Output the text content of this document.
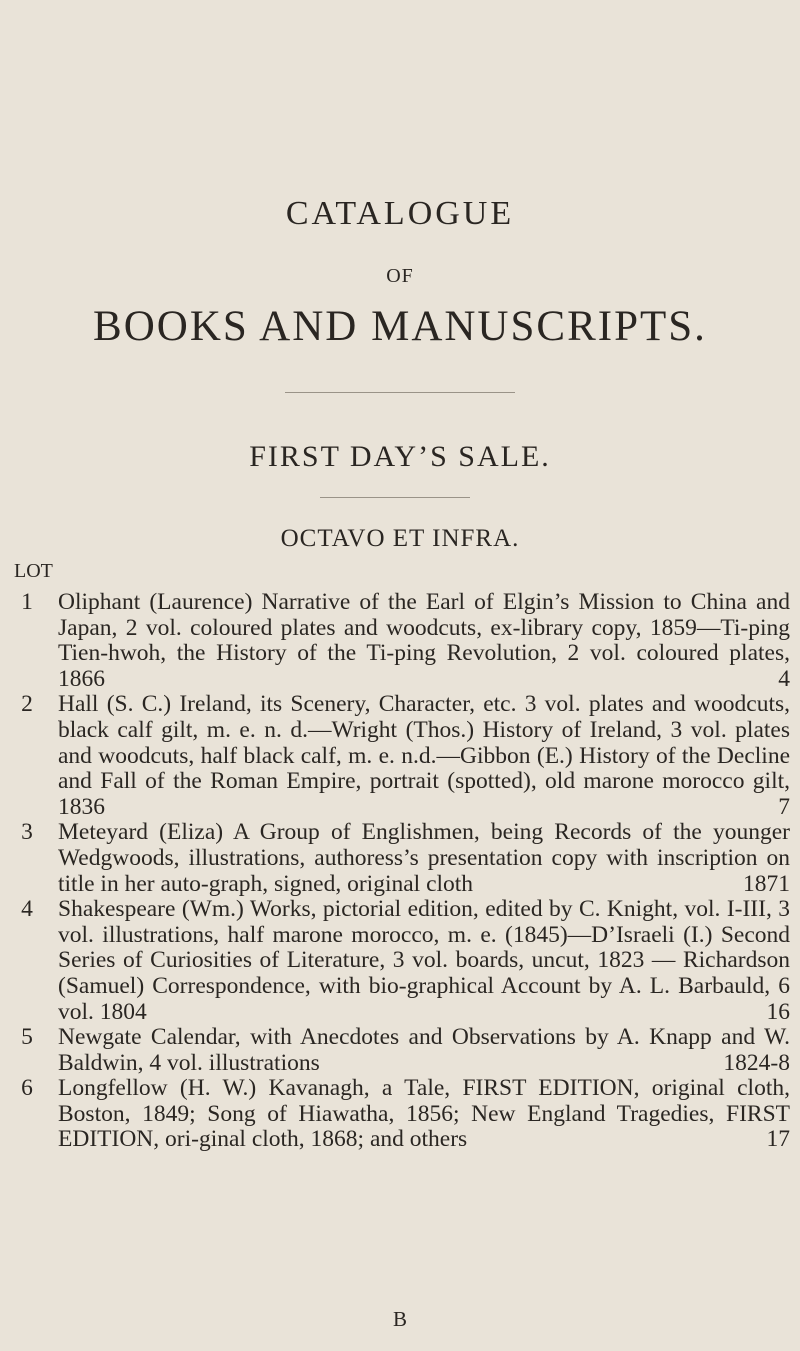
CATALOGUE
OF
BOOKS AND MANUSCRIPTS.
FIRST DAY’S SALE.
OCTAVO ET INFRA.
LOT
1	Oliphant (Laurence) Narrative of the Earl of Elgin’s Mission to China and Japan, 2 vol. coloured plates and woodcuts, ex-library copy, 1859—Ti-ping Tien-hwoh, the History of the Ti-ping Revolution, 2 vol. coloured plates, 1866	4
2	Hall (S. C.) Ireland, its Scenery, Character, etc. 3 vol. plates and woodcuts, black calf gilt, m. e. n. d.—Wright (Thos.) History of Ireland, 3 vol. plates and woodcuts, half black calf, m. e. n.d.—Gibbon (E.) History of the Decline and Fall of the Roman Empire, portrait (spotted), old marone morocco gilt, 1836	7
3	Meteyard (Eliza) A Group of Englishmen, being Records of the younger Wedgwoods, illustrations, authoress’s presentation copy with inscription on title in her auto-graph, signed, original cloth	1871
4	Shakespeare (Wm.) Works, pictorial edition, edited by C. Knight, vol. I-III, 3 vol. illustrations, half marone morocco, m. e. (1845)—D’Israeli (I.) Second Series of Curiosities of Literature, 3 vol. boards, uncut, 1823 — Richardson (Samuel) Correspondence, with bio-graphical Account by A. L. Barbauld, 6 vol. 1804	16
5	Newgate Calendar, with Anecdotes and Observations by A. Knapp and W. Baldwin, 4 vol. illustrations	1824-8
6	Longfellow (H. W.) Kavanagh, a Tale, FIRST EDITION, original cloth, Boston, 1849; Song of Hiawatha, 1856; New England Tragedies, FIRST EDITION, ori-ginal cloth, 1868; and others	17
B
